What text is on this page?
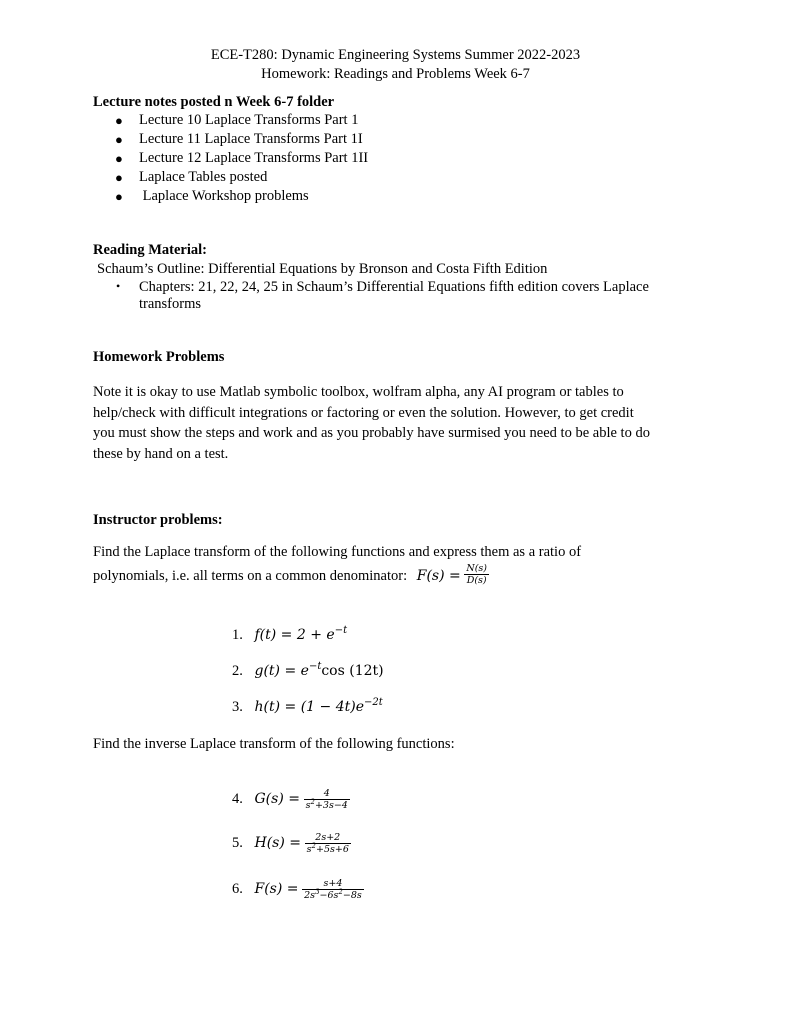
ECE-T280: Dynamic Engineering Systems Summer 2022-2023
Homework: Readings and Problems Week 6-7
Lecture notes posted n Week 6-7 folder
● Lecture 10 Laplace Transforms Part 1
● Lecture 11 Laplace Transforms Part 1I
● Lecture 12 Laplace Transforms Part 1II
● Laplace Tables posted
● Laplace Workshop problems
Reading Material:
Schaum’s Outline: Differential Equations by Bronson and Costa Fifth Edition
• Chapters: 21, 22, 24, 25 in Schaum’s Differential Equations fifth edition covers Laplace
transforms
Homework Problems
Note it is okay to use Matlab symbolic toolbox, wolfram alpha, any AI program or tables to
help/check with difficult integrations or factoring or even the solution. However, to get credit
you must show the steps and work and as you probably have surmised you need to be able to do
these by hand on a test.
Instructor problems:
Find the Laplace transform of the following functions and express them as a ratio of
polynomials, i.e. all terms on a common denominator: $F(s) = \frac{N(s)}{D(s)}$
1. $f(t) = 2 + e^{-t}$
2. $g(t) = e^{-t}\cos$ (12t)
3. $h(t) = (1 - 4t)e^{-2t}$
Find the inverse Laplace transform of the following functions:
4. $G(s) = \frac{4}{s^2+3s-4}$
5. $H(s) = \frac{2s+2}{s^2+5s+6}$
6. $F(s) = \frac{s+4}{2s^3-6s^2-8s}$
